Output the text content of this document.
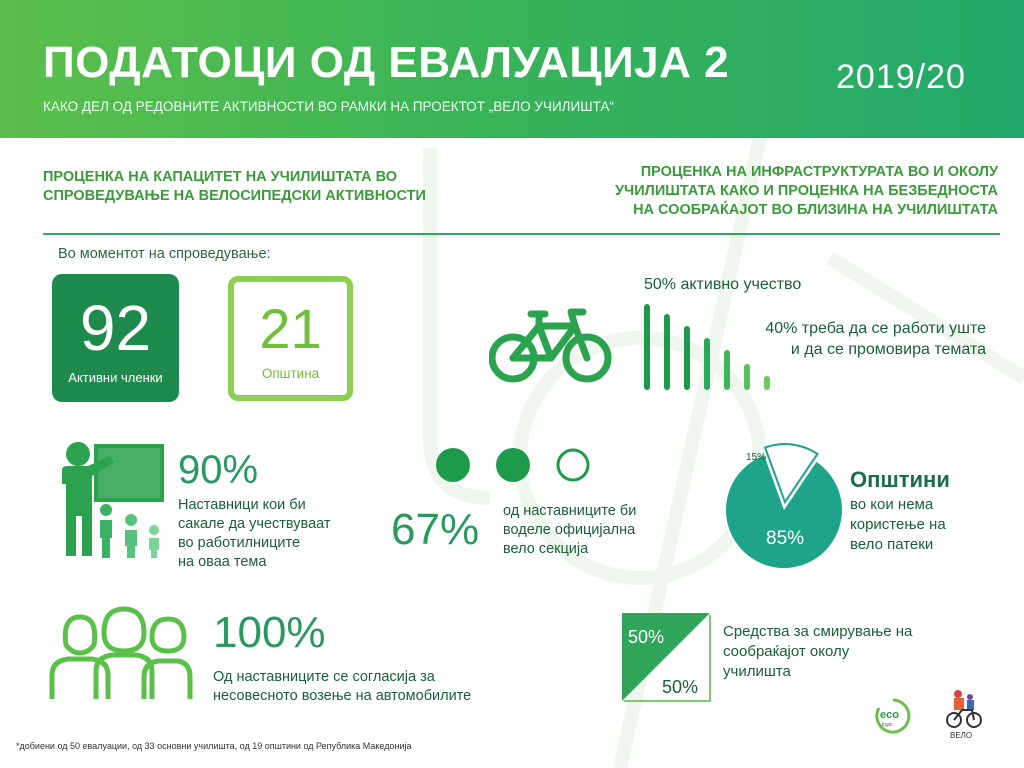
ПОДАТОЦИ ОД ЕВАЛУАЦИЈА 2
КАКО ДЕЛ ОД РЕДОВНИТЕ АКТИВНОСТИ ВО РАМКИ НА ПРОЕКТОТ „ВЕЛО УЧИЛИШТА“
2019/20
ПРОЦЕНКА НА КАПАЦИТЕТ НА УЧИЛИШТАТА ВО
СПРОВЕДУВАЊЕ НА ВЕЛОСИПЕДСКИ АКТИВНОСТИ
ПРОЦЕНКА НА ИНФРАСТРУКТУРАТА ВО И ОКОЛУ
УЧИЛИШТАТА КАКО И ПРОЦЕНКА НА БЕЗБЕДНОСТА
НА СООБРАЌАЈОТ ВО БЛИЗИНА НА УЧИЛИШТАТА
Во моментот на спроведување:
92
Активни членки
21
Општина
50% активно учество
40% треба да се работи уште
и да се промовира темата
90%
Наставници кои би
сакале да учествуваат
во работилниците
на оваа тема
67% од наставниците би
воделе официјална
вело секција
15%
85%
Општини
во кои нема
користење на
вело патеки
100%
Од наставниците се согласија за
несовесното возење на автомобилите
50%
50%
Средства за смирување на
сообраќајот околу
училишта
eco
logic
ВЕЛО
*добиени од 50 евалуации, од 33 основни училишта, од 19 општини од Република Македонија
